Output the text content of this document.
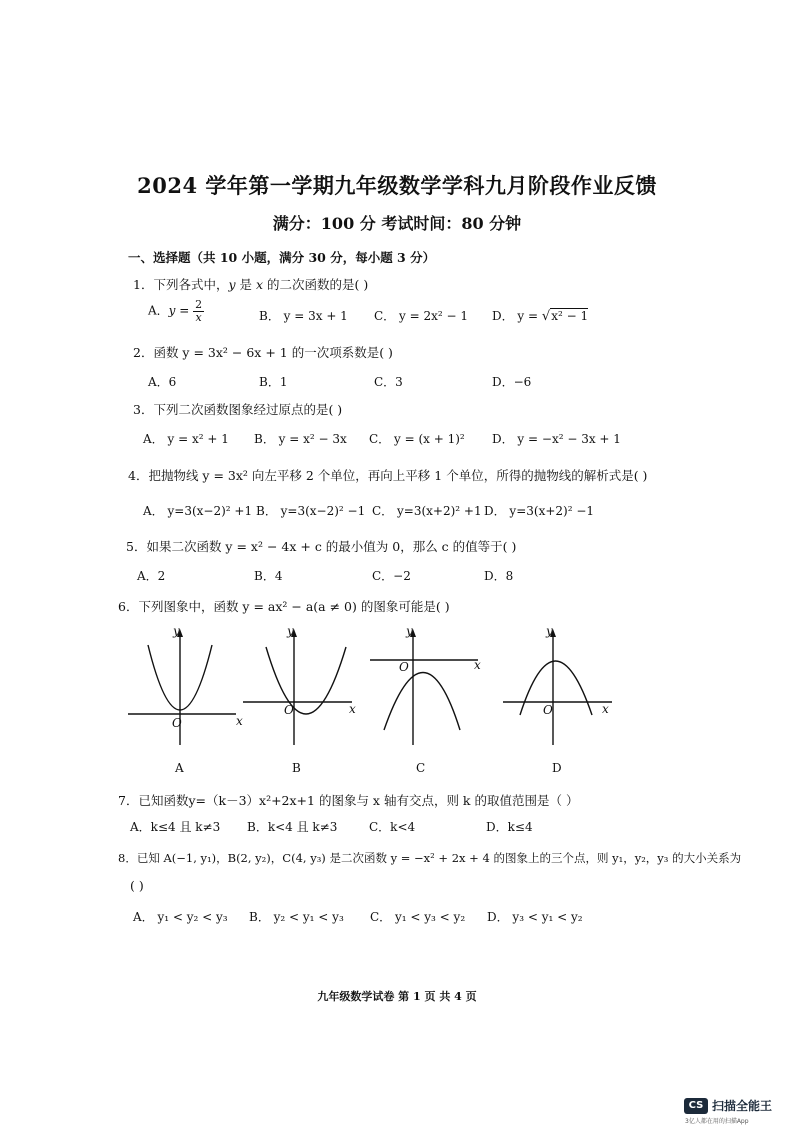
2024 学年第一学期九年级数学学科九月阶段作业反馈
满分：100 分 考试时间：80 分钟
一、选择题（共 10 小题，满分 30 分，每小题 3 分）
1．下列各式中，y 是 x 的二次函数的是( )
A．$y = \frac{2}{x}$	B． y = 3x + 1 C． y = 2x² − 1 D． y = √x² − 1
2．函数 y = 3x² − 6x + 1 的一次项系数是( )
A．6	B．1	C．3	D．−6
3．下列二次函数图象经过原点的是( )
A． y = x² + 1 B． y = x² − 3x C． y = (x + 1)² D． y = −x² − 3x + 1
4．把抛物线 y = 3x² 向左平移 2 个单位，再向上平移 1 个单位，所得的抛物线的解析式是( )
A． y=3(x−2)² +1 B． y=3(x−2)² −1 C． y=3(x+2)² +1 D． y=3(x+2)² −1
5．如果二次函数 y = x² − 4x + c 的最小值为 0，那么 c 的值等于( )
A．2	B．4	C．−2	D．8
6．下列图象中，函数 y = ax² − a(a ≠ 0) 的图象可能是( )
y
x
O
y
x
O
y
x
O
y
x
O
A	B	C	D
7．已知函数y=（k－3）x²+2x+1 的图象与 x 轴有交点，则 k 的取值范围是（ ）
A．k≤4 且 k≠3 B．k<4 且 k≠3	C．k<4	D．k≤4
8．已知 A(−1, y₁)，B(2, y₂)，C(4, y₃) 是二次函数 y = −x² + 2x + 4 的图象上的三个点，则 y₁，y₂，y₃ 的大小关系为
( )
A． y₁ < y₂ < y₃ B． y₂ < y₁ < y₃ C． y₁ < y₃ < y₂ D． y₃ < y₁ < y₂
九年级数学试卷 第 1 页 共 4 页
CS 扫描全能王
3亿人都在用的扫描App
